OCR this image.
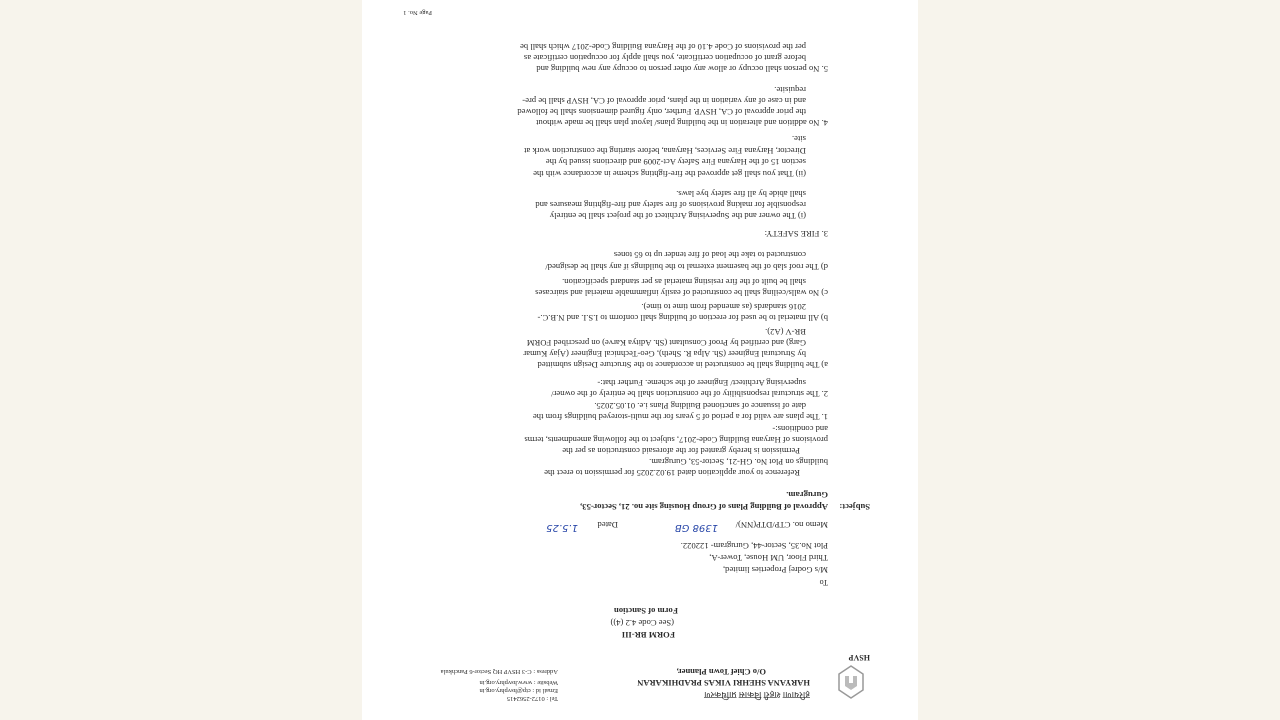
HSVP
हरियाणा शहरी विकास प्राधिकरण
HARYANA SHEHRI VIKAS PRADHIKARAN
O/o Chief Town Planner,
Tel : 0172-2562415
Email id : ctp@hsvphry.org.in
Website : www.hsvphry.org.in
Address : C-3 HSVP HQ Sector-6 Panchkula
FORM BR-III
(See Code 4.2 (4))
Form of Sanction
To
M/s Godrej Properties limited,
Third Floor, UM House, Tower-A,
Plot No.35, Sector-44, Gurugram- 122022.
Memo no. CTP/DTP(NN)/
1398 GB
Dated
1.5.25
Subject:
Approval of Building Plans of Group Housing site no. 21, Sector-53,
Gurugram.
Reference to your application dated 19.02.2025 for permission to erect the
buildings on Plot No. GH-21, Sector-53, Gurugram.
Permission is hereby granted for the aforesaid construction as per the
provisions of Haryana Building Code-2017, subject to the following amendments, terms
and conditions:-
1. The plans are valid for a period of 5 years for the multi-storeyed buildings from the
date of issuance of sanctioned Building Plans i.e. 01.05.2025.
2. The structural responsibility of the construction shall be entirely of the owner/
supervising Architect/ Engineer of the scheme. Further that:-
a) The building shall be constructed in accordance to the Structure Design submitted
by Structural Engineer (Sh. Alpa R. Sheth), Geo-Technical Engineer (Ajay Kumar
Garg) and certified by Proof Consultant (Sh. Aditya Karve) on prescribed FORM
BR-V (A2).
b) All material to be used for erection of building shall conform to I.S.I. and N.B.C.-
2016 standards (as amended from time to time).
c) No walls/ceiling shall be constructed of easily inflammable material and staircases
shall be built of the fire resisting material as per standard specification.
d) The roof slab of the basement external to the buildings if any shall be designed/
constructed to take the load of fire tender up to 65 tones
3. FIRE SAFETY:
(i) The owner and the Supervising Architect of the project shall be entirely
responsible for making provisions of fire safety and fire-fighting measures and
shall abide by all fire safety bye laws.
(ii) That you shall get approved the fire-fighting scheme in accordance with the
section 15 of the Haryana Fire Safety Act-2009 and directions issued by the
Director, Haryana Fire Services, Haryana, before starting the construction work at
site.
4. No addition and alteration in the building plans/ layout plan shall be made without
the prior approval of CA, HSVP. Further, only figured dimensions shall be followed
and in case of any variation in the plans, prior approval of CA, HSVP shall be pre-
requisite.
5. No person shall occupy or allow any other person to occupy any new building and
before grant of occupation certificate, you shall apply for occupation certificate as
per the provisions of Code 4.10 of the Haryana Building Code-2017 which shall be
Page No. 1
